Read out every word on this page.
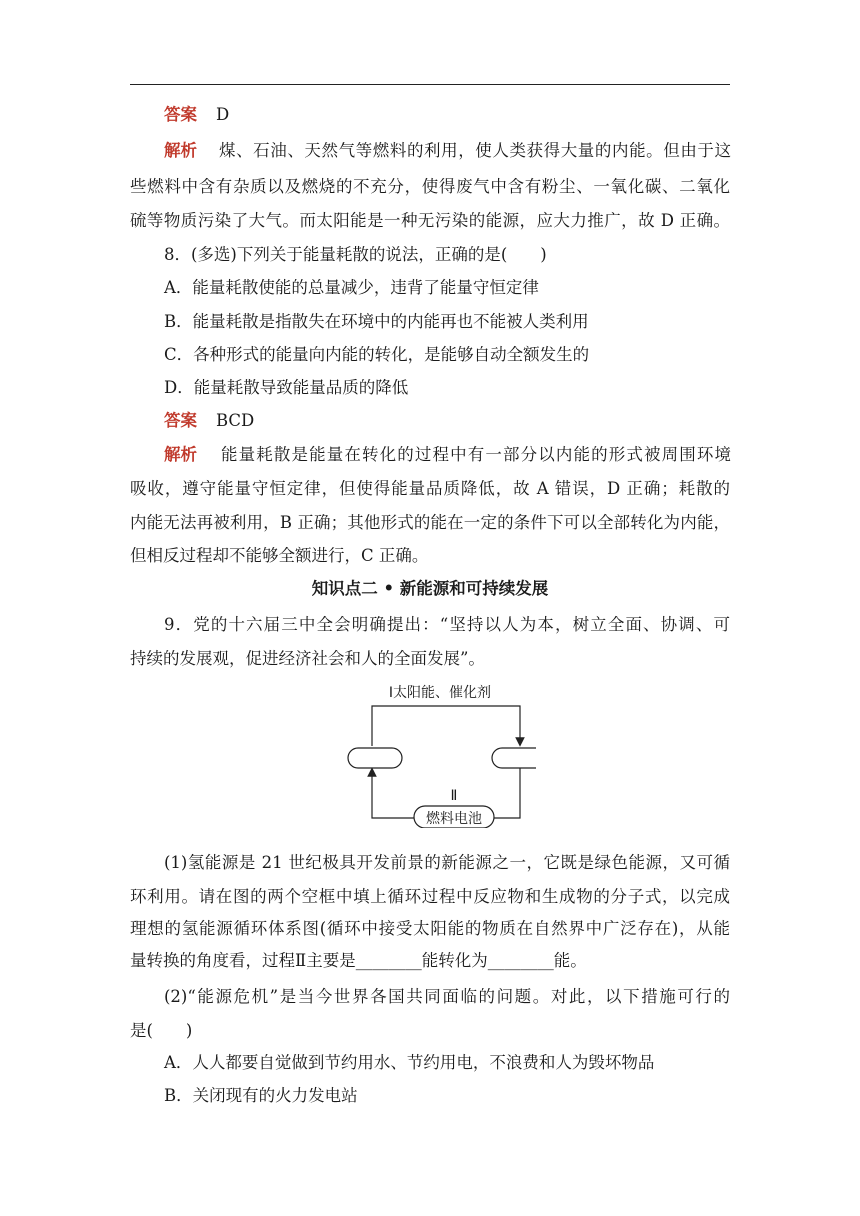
答案 D
解析 煤、石油、天然气等燃料的利用，使人类获得大量的内能。但由于这
些燃料中含有杂质以及燃烧的不充分，使得废气中含有粉尘、一氧化碳、二氧化
硫等物质污染了大气。而太阳能是一种无污染的能源，应大力推广，故 D 正确。
8．(多选)下列关于能量耗散的说法，正确的是(　　)
A．能量耗散使能的总量减少，违背了能量守恒定律
B．能量耗散是指散失在环境中的内能再也不能被人类利用
C．各种形式的能量向内能的转化，是能够自动全额发生的
D．能量耗散导致能量品质的降低
答案 BCD
解析 能量耗散是能量在转化的过程中有一部分以内能的形式被周围环境
吸收，遵守能量守恒定律，但使得能量品质降低，故 A 错误，D 正确；耗散的
内能无法再被利用，B 正确；其他形式的能在一定的条件下可以全部转化为内能，
但相反过程却不能够全额进行，C 正确。
知识点二 • 新能源和可持续发展
9．党的十六届三中全会明确提出：“坚持以人为本，树立全面、协调、可
持续的发展观，促进经济社会和人的全面发展”。
Ⅰ太阳能、催化剂
Ⅱ
燃料电池
(1)氢能源是 21 世纪极具开发前景的新能源之一，它既是绿色能源，又可循
环利用。请在图的两个空框中填上循环过程中反应物和生成物的分子式，以完成
理想的氢能源循环体系图(循环中接受太阳能的物质在自然界中广泛存在)，从能
量转换的角度看，过程Ⅱ主要是________能转化为________能。
(2)“能源危机”是当今世界各国共同面临的问题。对此，以下措施可行的
是(　　)
A．人人都要自觉做到节约用水、节约用电，不浪费和人为毁坏物品
B．关闭现有的火力发电站
